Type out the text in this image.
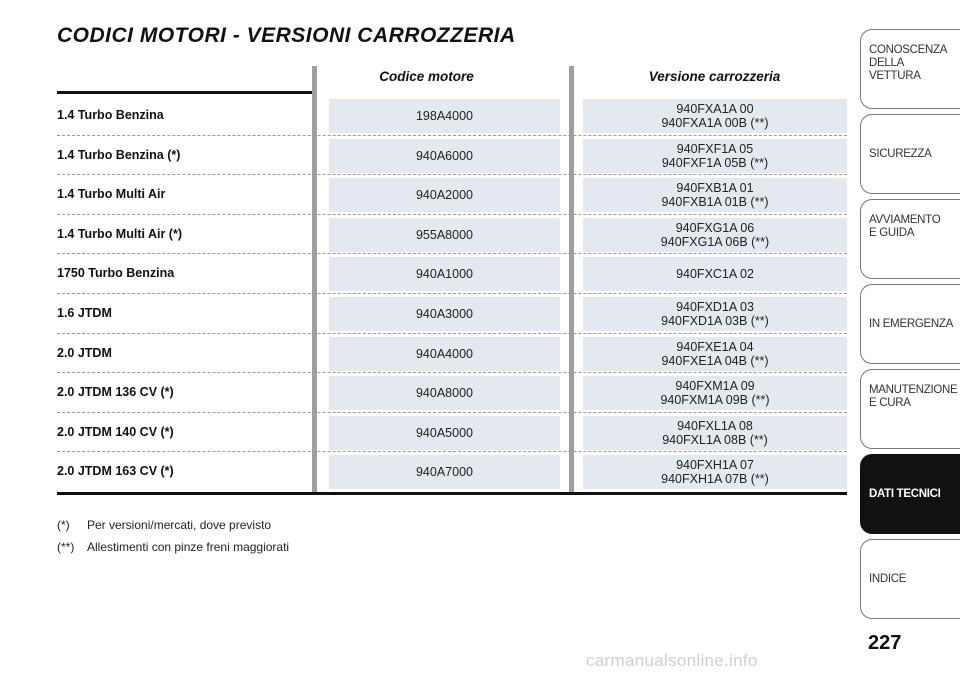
CODICI MOTORI - VERSIONI CARROZZERIA
Codice motore	Versione carrozzeria
1.4 Turbo Benzina	198A4000	940FXA1A 00
940FXA1A 00B (**)
1.4 Turbo Benzina (*)	940A6000	940FXF1A 05
940FXF1A 05B (**)
1.4 Turbo Multi Air	940A2000	940FXB1A 01
940FXB1A 01B (**)
1.4 Turbo Multi Air (*)	955A8000	940FXG1A 06
940FXG1A 06B (**)
1750 Turbo Benzina	940A1000	940FXC1A 02
1.6 JTDM	940A3000	940FXD1A 03
940FXD1A 03B (**)
2.0 JTDM	940A4000	940FXE1A 04
940FXE1A 04B (**)
2.0 JTDM 136 CV (*)	940A8000	940FXM1A 09
940FXM1A 09B (**)
2.0 JTDM 140 CV (*)	940A5000	940FXL1A 08
940FXL1A 08B (**)
2.0 JTDM 163 CV (*)	940A7000	940FXH1A 07
940FXH1A 07B (**)
(*) Per versioni/mercati, dove previsto
(**) Allestimenti con pinze freni maggiorati
CONOSCENZA
DELLA
VETTURA
SICUREZZA
AVVIAMENTO
E GUIDA
IN EMERGENZA
MANUTENZIONE
E CURA
DATI TECNICI
INDICE
227
carmanualsonline.info
